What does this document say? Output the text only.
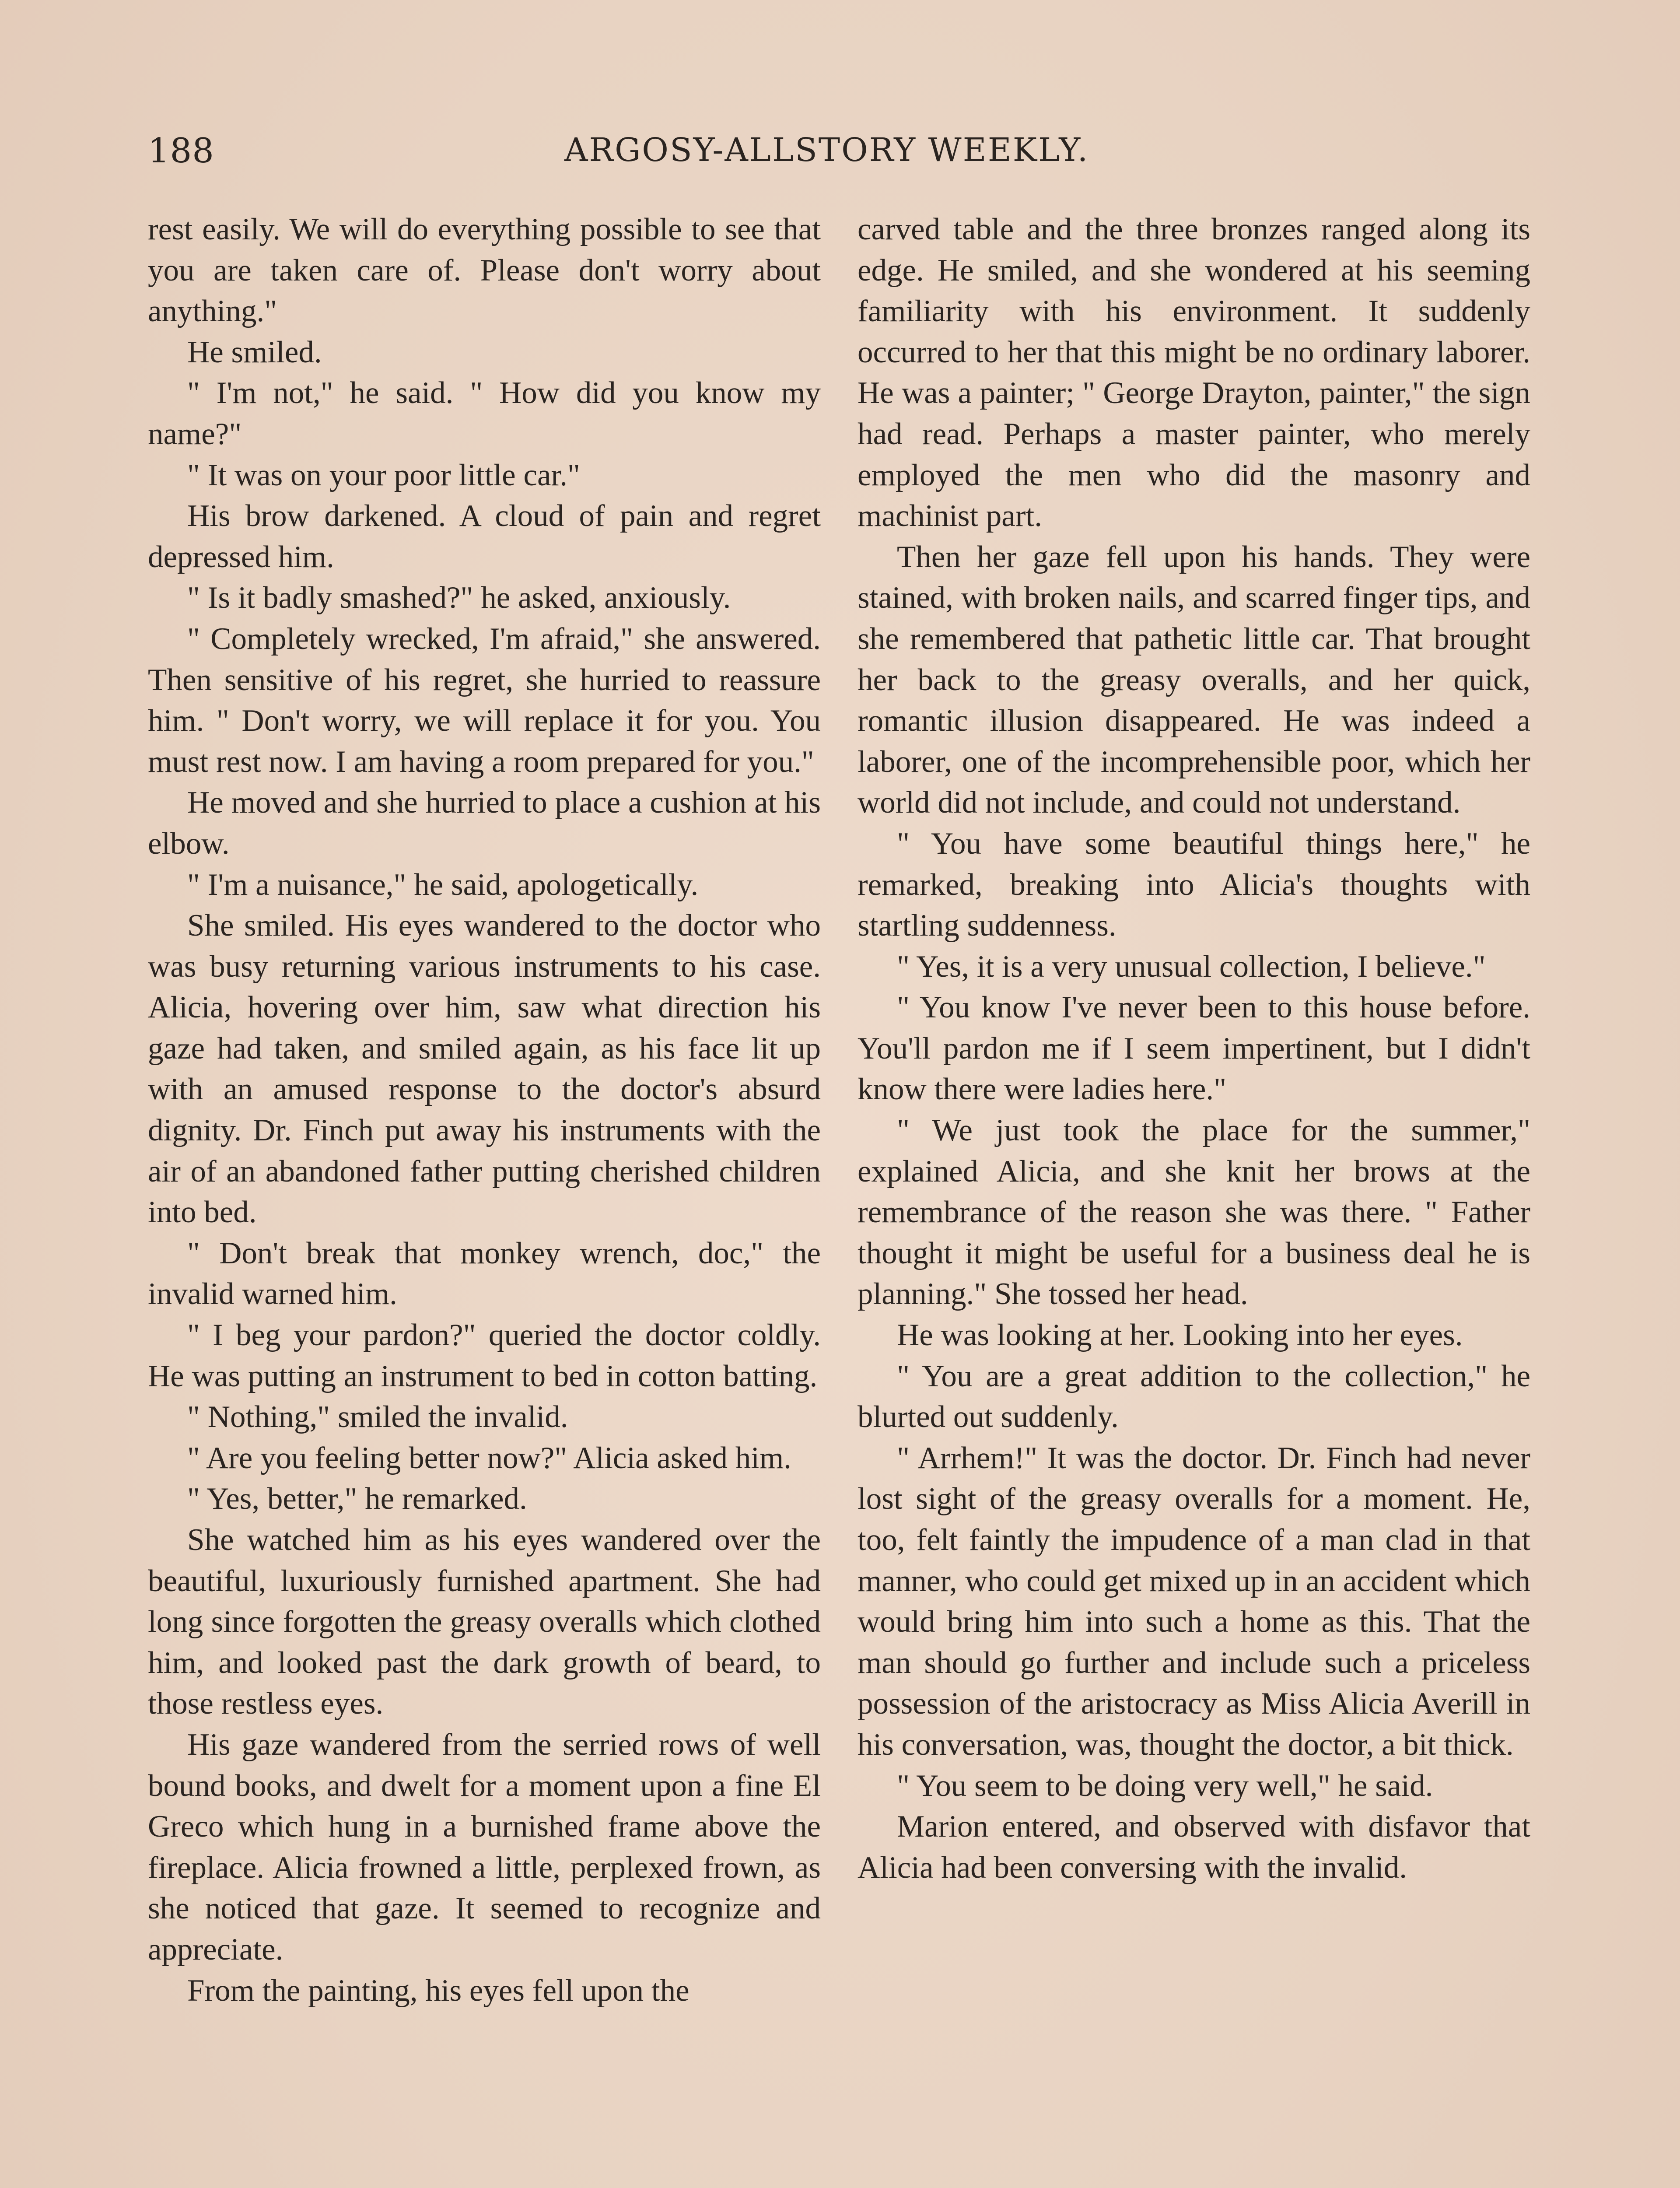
188	ARGOSY-ALLSTORY WEEKLY.

rest easily. We will do everything possible to see that you are taken care of. Please don't worry about anything."

He smiled.

" I'm not," he said. " How did you know my name?"

" It was on your poor little car."

His brow darkened. A cloud of pain and regret depressed him.

" Is it badly smashed?" he asked, anxiously.

" Completely wrecked, I'm afraid," she answered. Then sensitive of his regret, she hurried to reassure him. " Don't worry, we will replace it for you. You must rest now. I am having a room prepared for you."

He moved and she hurried to place a cushion at his elbow.

" I'm a nuisance," he said, apologetically.

She smiled. His eyes wandered to the doctor who was busy returning various instruments to his case. Alicia, hovering over him, saw what direction his gaze had taken, and smiled again, as his face lit up with an amused response to the doctor's absurd dignity. Dr. Finch put away his instruments with the air of an abandoned father putting cherished children into bed.

" Don't break that monkey wrench, doc," the invalid warned him.

" I beg your pardon?" queried the doctor coldly. He was putting an instrument to bed in cotton batting.

" Nothing," smiled the invalid.

" Are you feeling better now?" Alicia asked him.

" Yes, better," he remarked.

She watched him as his eyes wandered over the beautiful, luxuriously furnished apartment. She had long since forgotten the greasy overalls which clothed him, and looked past the dark growth of beard, to those restless eyes.

His gaze wandered from the serried rows of well bound books, and dwelt for a moment upon a fine El Greco which hung in a burnished frame above the fireplace. Alicia frowned a little, perplexed frown, as she noticed that gaze. It seemed to recognize and appreciate.

From the painting, his eyes fell upon the

carved table and the three bronzes ranged along its edge. He smiled, and she wondered at his seeming familiarity with his environment. It suddenly occurred to her that this might be no ordinary laborer. He was a painter; " George Drayton, painter," the sign had read. Perhaps a master painter, who merely employed the men who did the masonry and machinist part.

Then her gaze fell upon his hands. They were stained, with broken nails, and scarred finger tips, and she remembered that pathetic little car. That brought her back to the greasy overalls, and her quick, romantic illusion disappeared. He was indeed a laborer, one of the incomprehensible poor, which her world did not include, and could not understand.

" You have some beautiful things here," he remarked, breaking into Alicia's thoughts with startling suddenness.

" Yes, it is a very unusual collection, I believe."

" You know I've never been to this house before. You'll pardon me if I seem impertinent, but I didn't know there were ladies here."

" We just took the place for the summer," explained Alicia, and she knit her brows at the remembrance of the reason she was there. " Father thought it might be useful for a business deal he is planning." She tossed her head.

He was looking at her. Looking into her eyes.

" You are a great addition to the collection," he blurted out suddenly.

" Arrhem!" It was the doctor. Dr. Finch had never lost sight of the greasy overalls for a moment. He, too, felt faintly the impudence of a man clad in that manner, who could get mixed up in an accident which would bring him into such a home as this. That the man should go further and include such a priceless possession of the aristocracy as Miss Alicia Averill in his conversation, was, thought the doctor, a bit thick.

" You seem to be doing very well," he said.

Marion entered, and observed with disfavor that Alicia had been conversing with the invalid.
